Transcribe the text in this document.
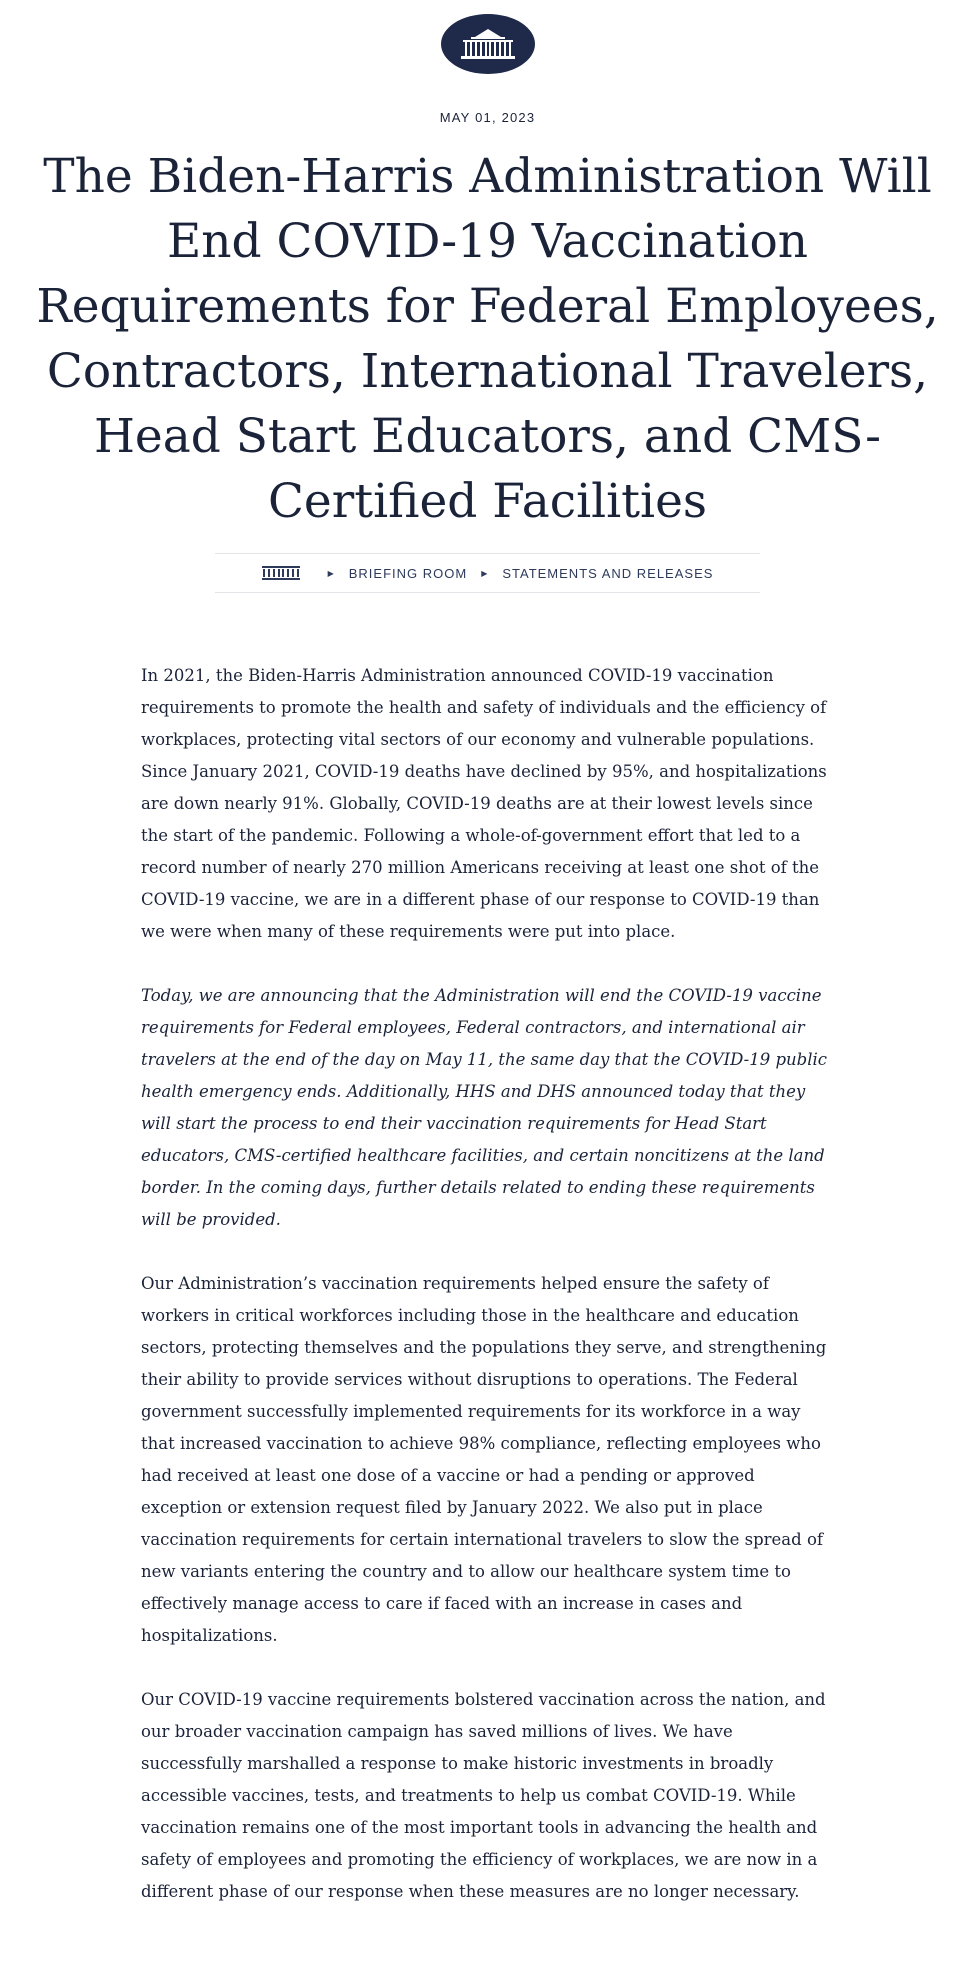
MAY 01, 2023
The Biden-Harris Administration Will End COVID-19 Vaccination Requirements for Federal Employees, Contractors, International Travelers, Head Start Educators, and CMS-Certified Facilities
▶ BRIEFING ROOM ▶ STATEMENTS AND RELEASES

In 2021, the Biden-Harris Administration announced COVID-19 vaccination requirements to promote the health and safety of individuals and the efficiency of workplaces, protecting vital sectors of our economy and vulnerable populations. Since January 2021, COVID-19 deaths have declined by 95%, and hospitalizations are down nearly 91%. Globally, COVID-19 deaths are at their lowest levels since the start of the pandemic. Following a whole-of-government effort that led to a record number of nearly 270 million Americans receiving at least one shot of the COVID-19 vaccine, we are in a different phase of our response to COVID-19 than we were when many of these requirements were put into place.

Today, we are announcing that the Administration will end the COVID-19 vaccine requirements for Federal employees, Federal contractors, and international air travelers at the end of the day on May 11, the same day that the COVID-19 public health emergency ends. Additionally, HHS and DHS announced today that they will start the process to end their vaccination requirements for Head Start educators, CMS-certified healthcare facilities, and certain noncitizens at the land border. In the coming days, further details related to ending these requirements will be provided.

Our Administration’s vaccination requirements helped ensure the safety of workers in critical workforces including those in the healthcare and education sectors, protecting themselves and the populations they serve, and strengthening their ability to provide services without disruptions to operations. The Federal government successfully implemented requirements for its workforce in a way that increased vaccination to achieve 98% compliance, reflecting employees who had received at least one dose of a vaccine or had a pending or approved exception or extension request filed by January 2022. We also put in place vaccination requirements for certain international travelers to slow the spread of new variants entering the country and to allow our healthcare system time to effectively manage access to care if faced with an increase in cases and hospitalizations.

Our COVID-19 vaccine requirements bolstered vaccination across the nation, and our broader vaccination campaign has saved millions of lives. We have successfully marshalled a response to make historic investments in broadly accessible vaccines, tests, and treatments to help us combat COVID-19. While vaccination remains one of the most important tools in advancing the health and safety of employees and promoting the efficiency of workplaces, we are now in a different phase of our response when these measures are no longer necessary.
